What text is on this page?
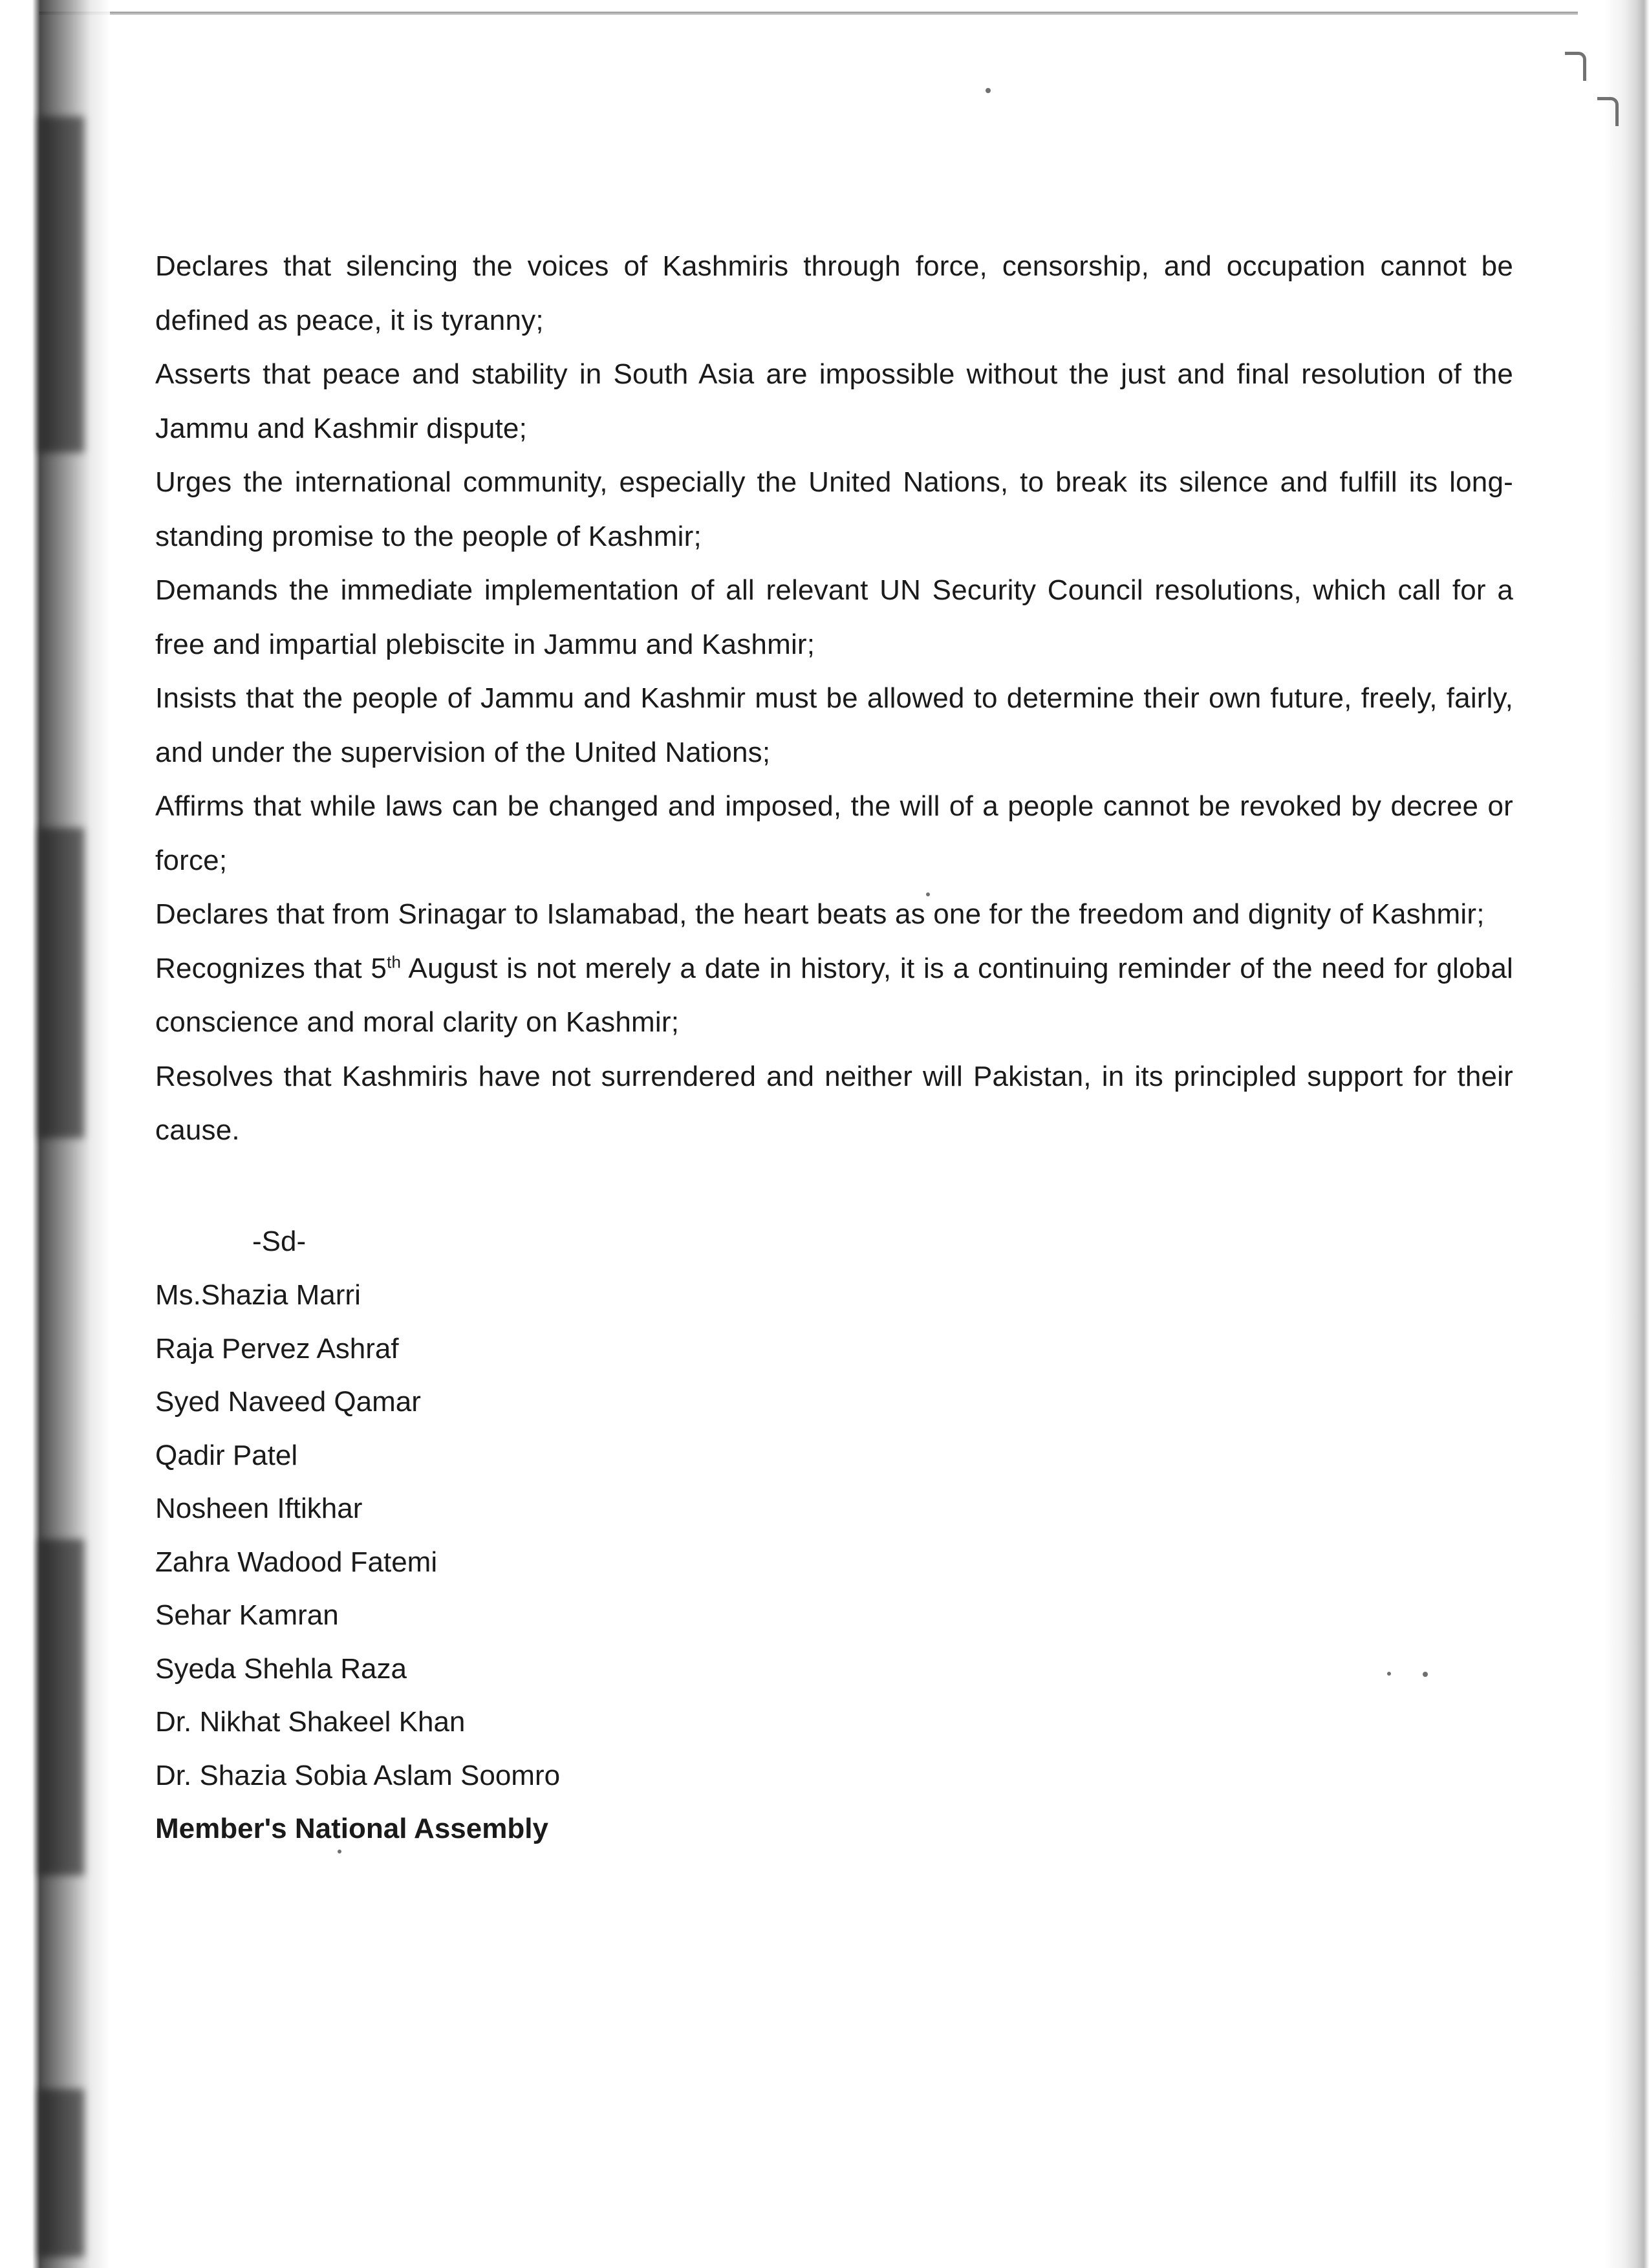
Declares that silencing the voices of Kashmiris through force, censorship, and occupation cannot be defined as peace, it is tyranny;

Asserts that peace and stability in South Asia are impossible without the just and final resolution of the Jammu and Kashmir dispute;

Urges the international community, especially the United Nations, to break its silence and fulfill its long-standing promise to the people of Kashmir;

Demands the immediate implementation of all relevant UN Security Council resolutions, which call for a free and impartial plebiscite in Jammu and Kashmir;

Insists that the people of Jammu and Kashmir must be allowed to determine their own future, freely, fairly, and under the supervision of the United Nations;

Affirms that while laws can be changed and imposed, the will of a people cannot be revoked by decree or force;

Declares that from Srinagar to Islamabad, the heart beats as one for the freedom and dignity of Kashmir;

Recognizes that 5th August is not merely a date in history, it is a continuing reminder of the need for global conscience and moral clarity on Kashmir;

Resolves that Kashmiris have not surrendered and neither will Pakistan, in its principled support for their cause.

-Sd-
Ms.Shazia Marri
Raja Pervez Ashraf
Syed Naveed Qamar
Qadir Patel
Nosheen Iftikhar
Zahra Wadood Fatemi
Sehar Kamran
Syeda Shehla Raza
Dr. Nikhat Shakeel Khan
Dr. Shazia Sobia Aslam Soomro
Member's National Assembly
